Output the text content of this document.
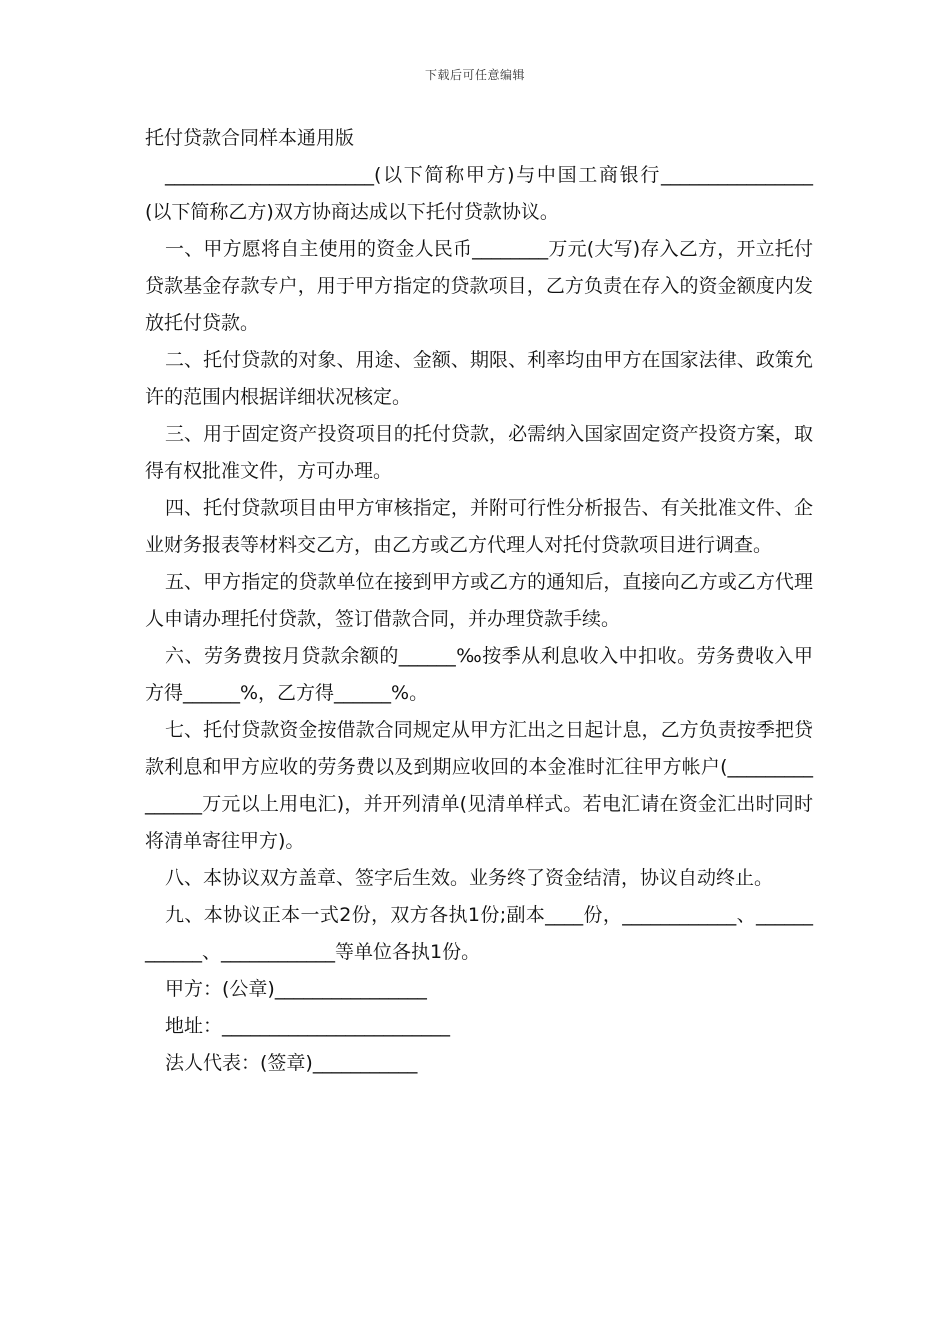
下载后可任意编辑

托付贷款合同样本通用版

______________________(以下简称甲方)与中国工商银行________________(以下简称乙方)双方协商达成以下托付贷款协议。

一、甲方愿将自主使用的资金人民币________万元(大写)存入乙方，开立托付贷款基金存款专户，用于甲方指定的贷款项目，乙方负责在存入的资金额度内发放托付贷款。

二、托付贷款的对象、用途、金额、期限、利率均由甲方在国家法律、政策允许的范围内根据详细状况核定。

三、用于固定资产投资项目的托付贷款，必需纳入国家固定资产投资方案，取得有权批准文件，方可办理。

四、托付贷款项目由甲方审核指定，并附可行性分析报告、有关批准文件、企业财务报表等材料交乙方，由乙方或乙方代理人对托付贷款项目进行调查。

五、甲方指定的贷款单位在接到甲方或乙方的通知后，直接向乙方或乙方代理人申请办理托付贷款，签订借款合同，并办理贷款手续。

六、劳务费按月贷款余额的______‰按季从利息收入中扣收。劳务费收入甲方得______%，乙方得______%。

七、托付贷款资金按借款合同规定从甲方汇出之日起计息，乙方负责按季把贷款利息和甲方应收的劳务费以及到期应收回的本金准时汇往甲方帐户(_______________万元以上用电汇)，并开列清单(见清单样式。若电汇请在资金汇出时同时将清单寄往甲方)。

八、本协议双方盖章、签字后生效。业务终了资金结清，协议自动终止。

九、本协议正本一式2份，双方各执1份;副本____份，____________、____________、____________等单位各执1份。

甲方：(公章)________________

地址：________________________

法人代表：(签章)___________
